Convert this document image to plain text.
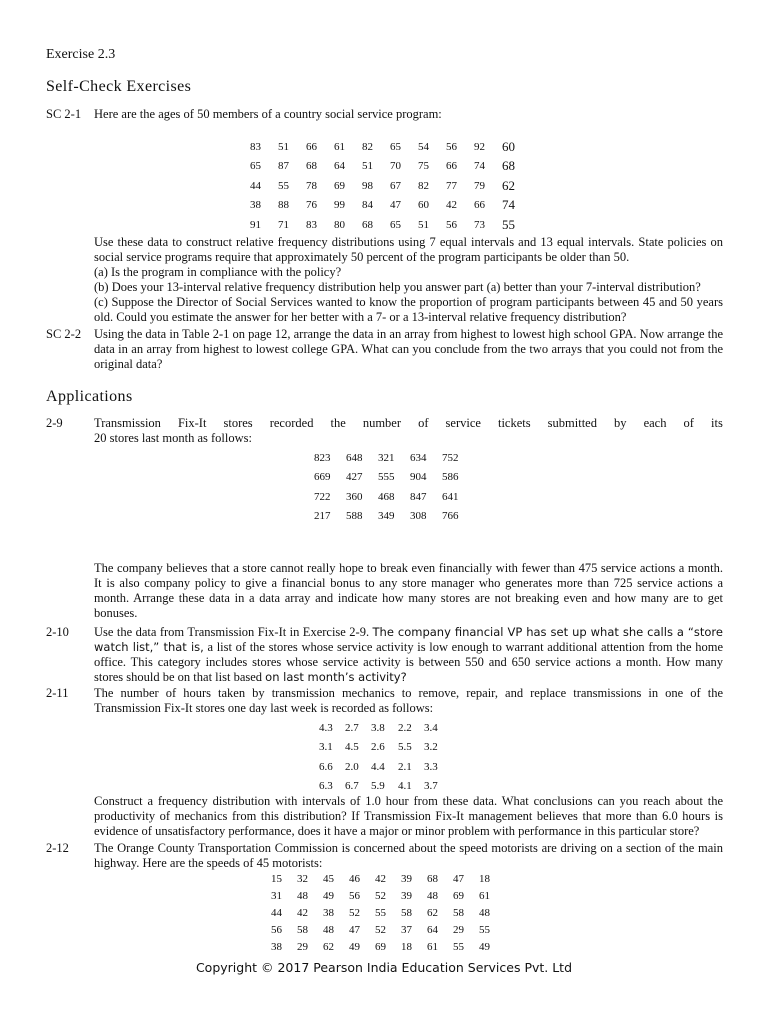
Exercise 2.3
Self-Check Exercises
SC 2-1 Here are the ages of 50 members of a country social service program:
83	51	66	61	82	65	54	56	92	60
65	87	68	64	51	70	75	66	74	68
44	55	78	69	98	67	82	77	79	62
38	88	76	99	84	47	60	42	66	74
91	71	83	80	68	65	51	56	73	55
Use these data to construct relative frequency distributions using 7 equal intervals and 13 equal intervals. State policies on social service programs require that approximately 50 percent of the program participants be older than 50.
(a) Is the program in compliance with the policy?
(b) Does your 13-interval relative frequency distribution help you answer part (a) better than your 7-interval distribution?
(c) Suppose the Director of Social Services wanted to know the proportion of program participants between 45 and 50 years old. Could you estimate the answer for her better with a 7- or a 13-interval relative frequency distribution?
SC 2-2 Using the data in Table 2-1 on page 12, arrange the data in an array from highest to lowest high school GPA. Now arrange the data in an array from highest to lowest college GPA. What can you conclude from the two arrays that you could not from the original data?
Applications
2-9	Transmission Fix-It stores recorded the number of service tickets submitted by each of its
20 stores last month as follows:
823	648	321	634	752
669	427	555	904	586
722	360	468	847	641
217	588	349	308	766
The company believes that a store cannot really hope to break even financially with fewer than 475 service actions a month. It is also company policy to give a financial bonus to any store manager who generates more than 725 service actions a month. Arrange these data in a data array and indicate how many stores are not breaking even and how many are to get bonuses.
2-10 Use the data from Transmission Fix-It in Exercise 2-9. The company financial VP has set up what she calls a “store watch list,” that is, a list of the stores whose service activity is low enough to warrant additional attention from the home office. This category includes stores whose service activity is between 550 and 650 service actions a month. How many stores should be on that list based on last month’s activity?
2-11 The number of hours taken by transmission mechanics to remove, repair, and replace transmissions in one of the Transmission Fix-It stores one day last week is recorded as follows:
4.3	2.7	3.8	2.2	3.4
3.1	4.5	2.6	5.5	3.2
6.6	2.0	4.4	2.1	3.3
6.3	6.7	5.9	4.1	3.7
Construct a frequency distribution with intervals of 1.0 hour from these data. What conclusions can you reach about the productivity of mechanics from this distribution? If Transmission Fix-It management believes that more than 6.0 hours is evidence of unsatisfactory performance, does it have a major or minor problem with performance in this particular store?
2-12 The Orange County Transportation Commission is concerned about the speed motorists are driving on a section of the main highway. Here are the speeds of 45 motorists:
15	32	45	46	42	39	68	47	18
31	48	49	56	52	39	48	69	61
44	42	38	52	55	58	62	58	48
56	58	48	47	52	37	64	29	55
38	29	62	49	69	18	61	55	49
Copyright © 2017 Pearson India Education Services Pvt. Ltd
